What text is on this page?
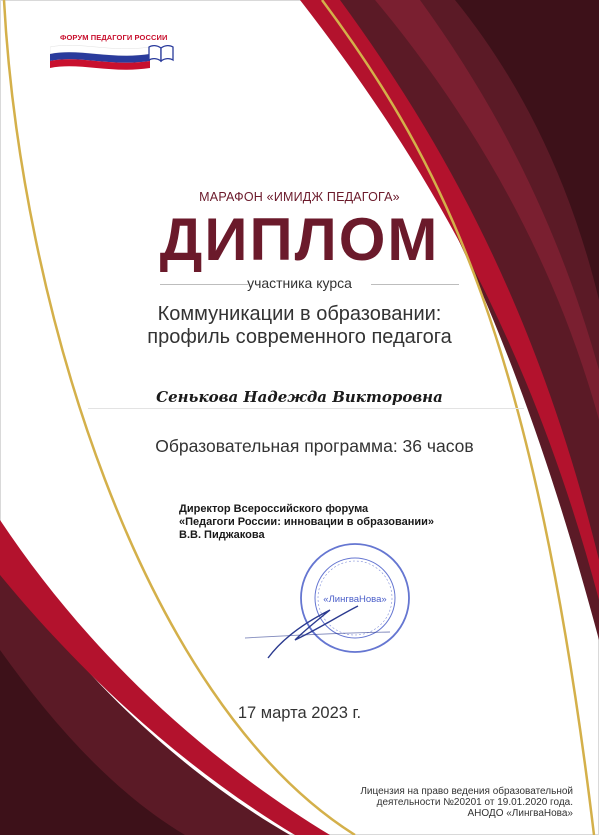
ФОРУМ ПЕДАГОГИ РОССИИ
МАРАФОН «ИМИДЖ ПЕДАГОГА»
ДИПЛОМ
участника курса
Коммуникации в образовании:
профиль современного педагога
Сенькова Надежда Викторовна
Образовательная программа: 36 часов
Директор Всероссийского форума
«Педагоги России: инновации в образовании»
В.В. Пиджакова
«ЛингваНова»
17 марта 2023 г.
Лицензия на право ведения образовательной
деятельности №20201 от 19.01.2020 года.
АНОДО «ЛингваНова»
